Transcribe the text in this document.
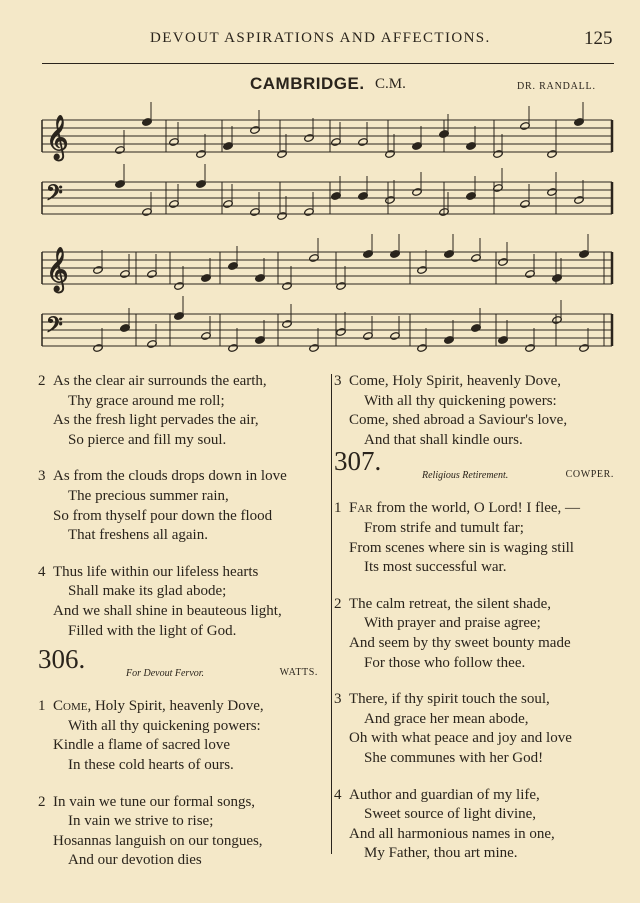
DEVOUT ASPIRATIONS AND AFFECTIONS.	125
CAMBRIDGE. C.M.	DR. RANDALL.
𝄞
𝄢
𝄞
𝄢
2 As the clear air surrounds the earth,
Thy grace around me roll;
As the fresh light pervades the air,
So pierce and fill my soul.
3 As from the clouds drops down in love
The precious summer rain,
So from thyself pour down the flood
That freshens all again.
4 Thus life within our lifeless hearts
Shall make its glad abode;
And we shall shine in beauteous light,
Filled with the light of God.
306.	For Devout Fervor.	WATTS.
1 Come, Holy Spirit, heavenly Dove,
With all thy quickening powers:
Kindle a flame of sacred love
In these cold hearts of ours.
2 In vain we tune our formal songs,
In vain we strive to rise;
Hosannas languish on our tongues,
And our devotion dies
3 Come, Holy Spirit, heavenly Dove,
With all thy quickening powers:
Come, shed abroad a Saviour's love,
And that shall kindle ours.
307.	Religious Retirement.	COWPER.
1 Far from the world, O Lord! I flee, —
From strife and tumult far;
From scenes where sin is waging still
Its most successful war.
2 The calm retreat, the silent shade,
With prayer and praise agree;
And seem by thy sweet bounty made
For those who follow thee.
3 There, if thy spirit touch the soul,
And grace her mean abode,
Oh with what peace and joy and love
She communes with her God!
4 Author and guardian of my life,
Sweet source of light divine,
And all harmonious names in one,
My Father, thou art mine.
